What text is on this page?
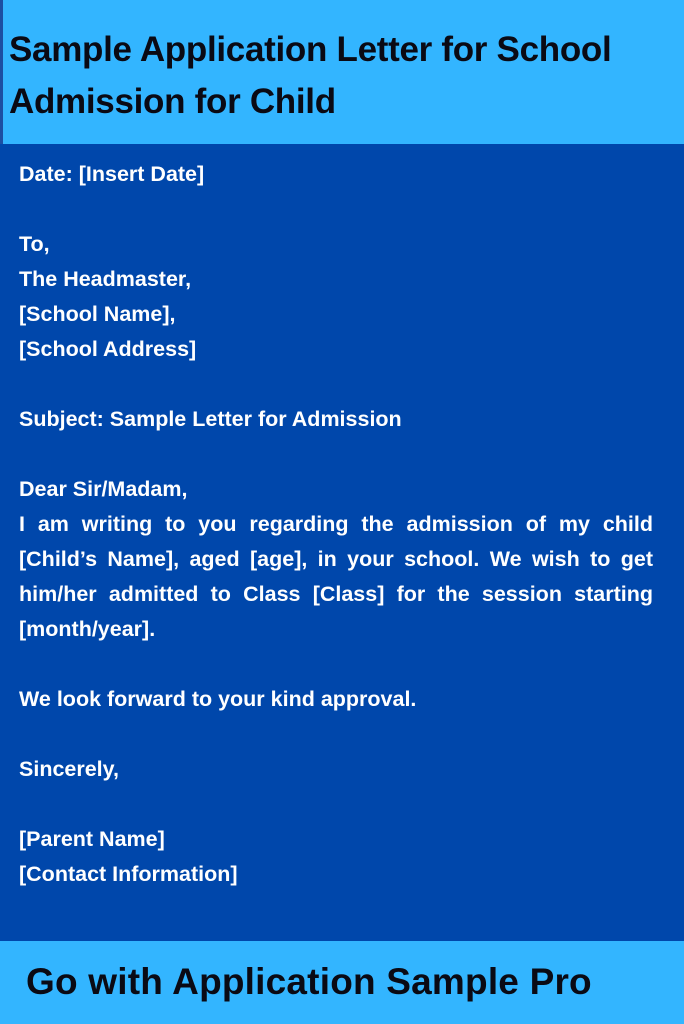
Sample Application Letter for School Admission for Child

Date: [Insert Date]

To,

The Headmaster,

[School Name],

[School Address]

Subject: Sample Letter for Admission

Dear Sir/Madam,

I am writing to you regarding the admission of my child [Child’s Name], aged [age], in your school. We wish to get him/her admitted to Class [Class] for the session starting [month/year].

We look forward to your kind approval.

Sincerely,

[Parent Name]

[Contact Information]

Go with Application Sample Pro
